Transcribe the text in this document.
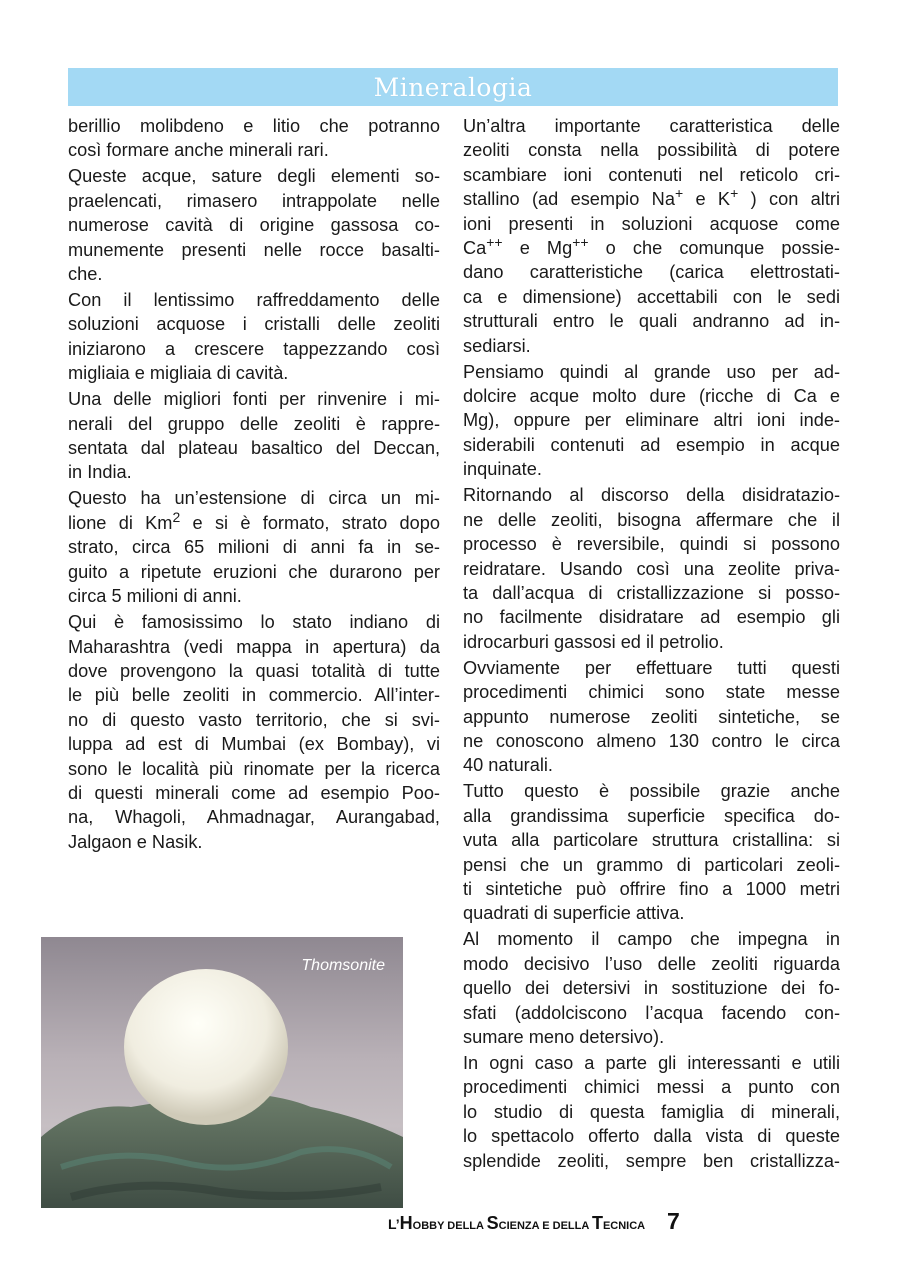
Mineralogia
berillio molibdeno e litio che potranno
così formare anche minerali rari.
Queste acque, sature degli elementi so-
praelencati, rimasero intrappolate nelle
numerose cavità di origine gassosa co-
munemente presenti nelle rocce basalti-
che.
Con il lentissimo raffreddamento delle
soluzioni acquose i cristalli delle zeoliti
iniziarono a crescere tappezzando così
migliaia e migliaia di cavità.
Una delle migliori fonti per rinvenire i mi-
nerali del gruppo delle zeoliti è rappre-
sentata dal plateau basaltico del Deccan,
in India.
Questo ha un’estensione di circa un mi-
lione di Km$^2$ e si è formato, strato dopo
strato, circa 65 milioni di anni fa in se-
guito a ripetute eruzioni che durarono per
circa 5 milioni di anni.
Qui è famosissimo lo stato indiano di
Maharashtra (vedi mappa in apertura) da
dove provengono la quasi totalità di tutte
le più belle zeoliti in commercio. All’inter-
no di questo vasto territorio, che si svi-
luppa ad est di Mumbai (ex Bombay), vi
sono le località più rinomate per la ricerca
di questi minerali come ad esempio Poo-
na, Whagoli, Ahmadnagar, Aurangabad,
Jalgaon e Nasik.
Un’altra importante caratteristica delle
zeoliti consta nella possibilità di potere
scambiare ioni contenuti nel reticolo cri-
stallino (ad esempio Na+ e K+ ) con altri
ioni presenti in soluzioni acquose come
Ca++ e Mg++ o che comunque possie-
dano caratteristiche (carica elettrostati-
ca e dimensione) accettabili con le sedi
strutturali entro le quali andranno ad in-
sediarsi.
Pensiamo quindi al grande uso per ad-
dolcire acque molto dure (ricche di Ca e
Mg), oppure per eliminare altri ioni inde-
siderabili contenuti ad esempio in acque
inquinate.
Ritornando al discorso della disidratazio-
ne delle zeoliti, bisogna affermare che il
processo è reversibile, quindi si possono
reidratare. Usando così una zeolite priva-
ta dall’acqua di cristallizzazione si posso-
no facilmente disidratare ad esempio gli
idrocarburi gassosi ed il petrolio.
Ovviamente per effettuare tutti questi
procedimenti chimici sono state messe
appunto numerose zeoliti sintetiche, se
ne conoscono almeno 130 contro le circa
40 naturali.
Tutto questo è possibile grazie anche
alla grandissima superficie specifica do-
vuta alla particolare struttura cristallina: si
pensi che un grammo di particolari zeoli-
ti sintetiche può offrire fino a 1000 metri
quadrati di superficie attiva.
Al momento il campo che impegna in
modo decisivo l’uso delle zeoliti riguarda
quello dei detersivi in sostituzione dei fo-
sfati (addolciscono l’acqua facendo con-
sumare meno detersivo).
In ogni caso a parte gli interessanti e utili
procedimenti chimici messi a punto con
lo studio di questa famiglia di minerali,
lo spettacolo offerto dalla vista di queste
splendide zeoliti, sempre ben cristallizza-
Thomsonite
L’HOBBY DELLA SCIENZA E DELLA TECNICA 7
